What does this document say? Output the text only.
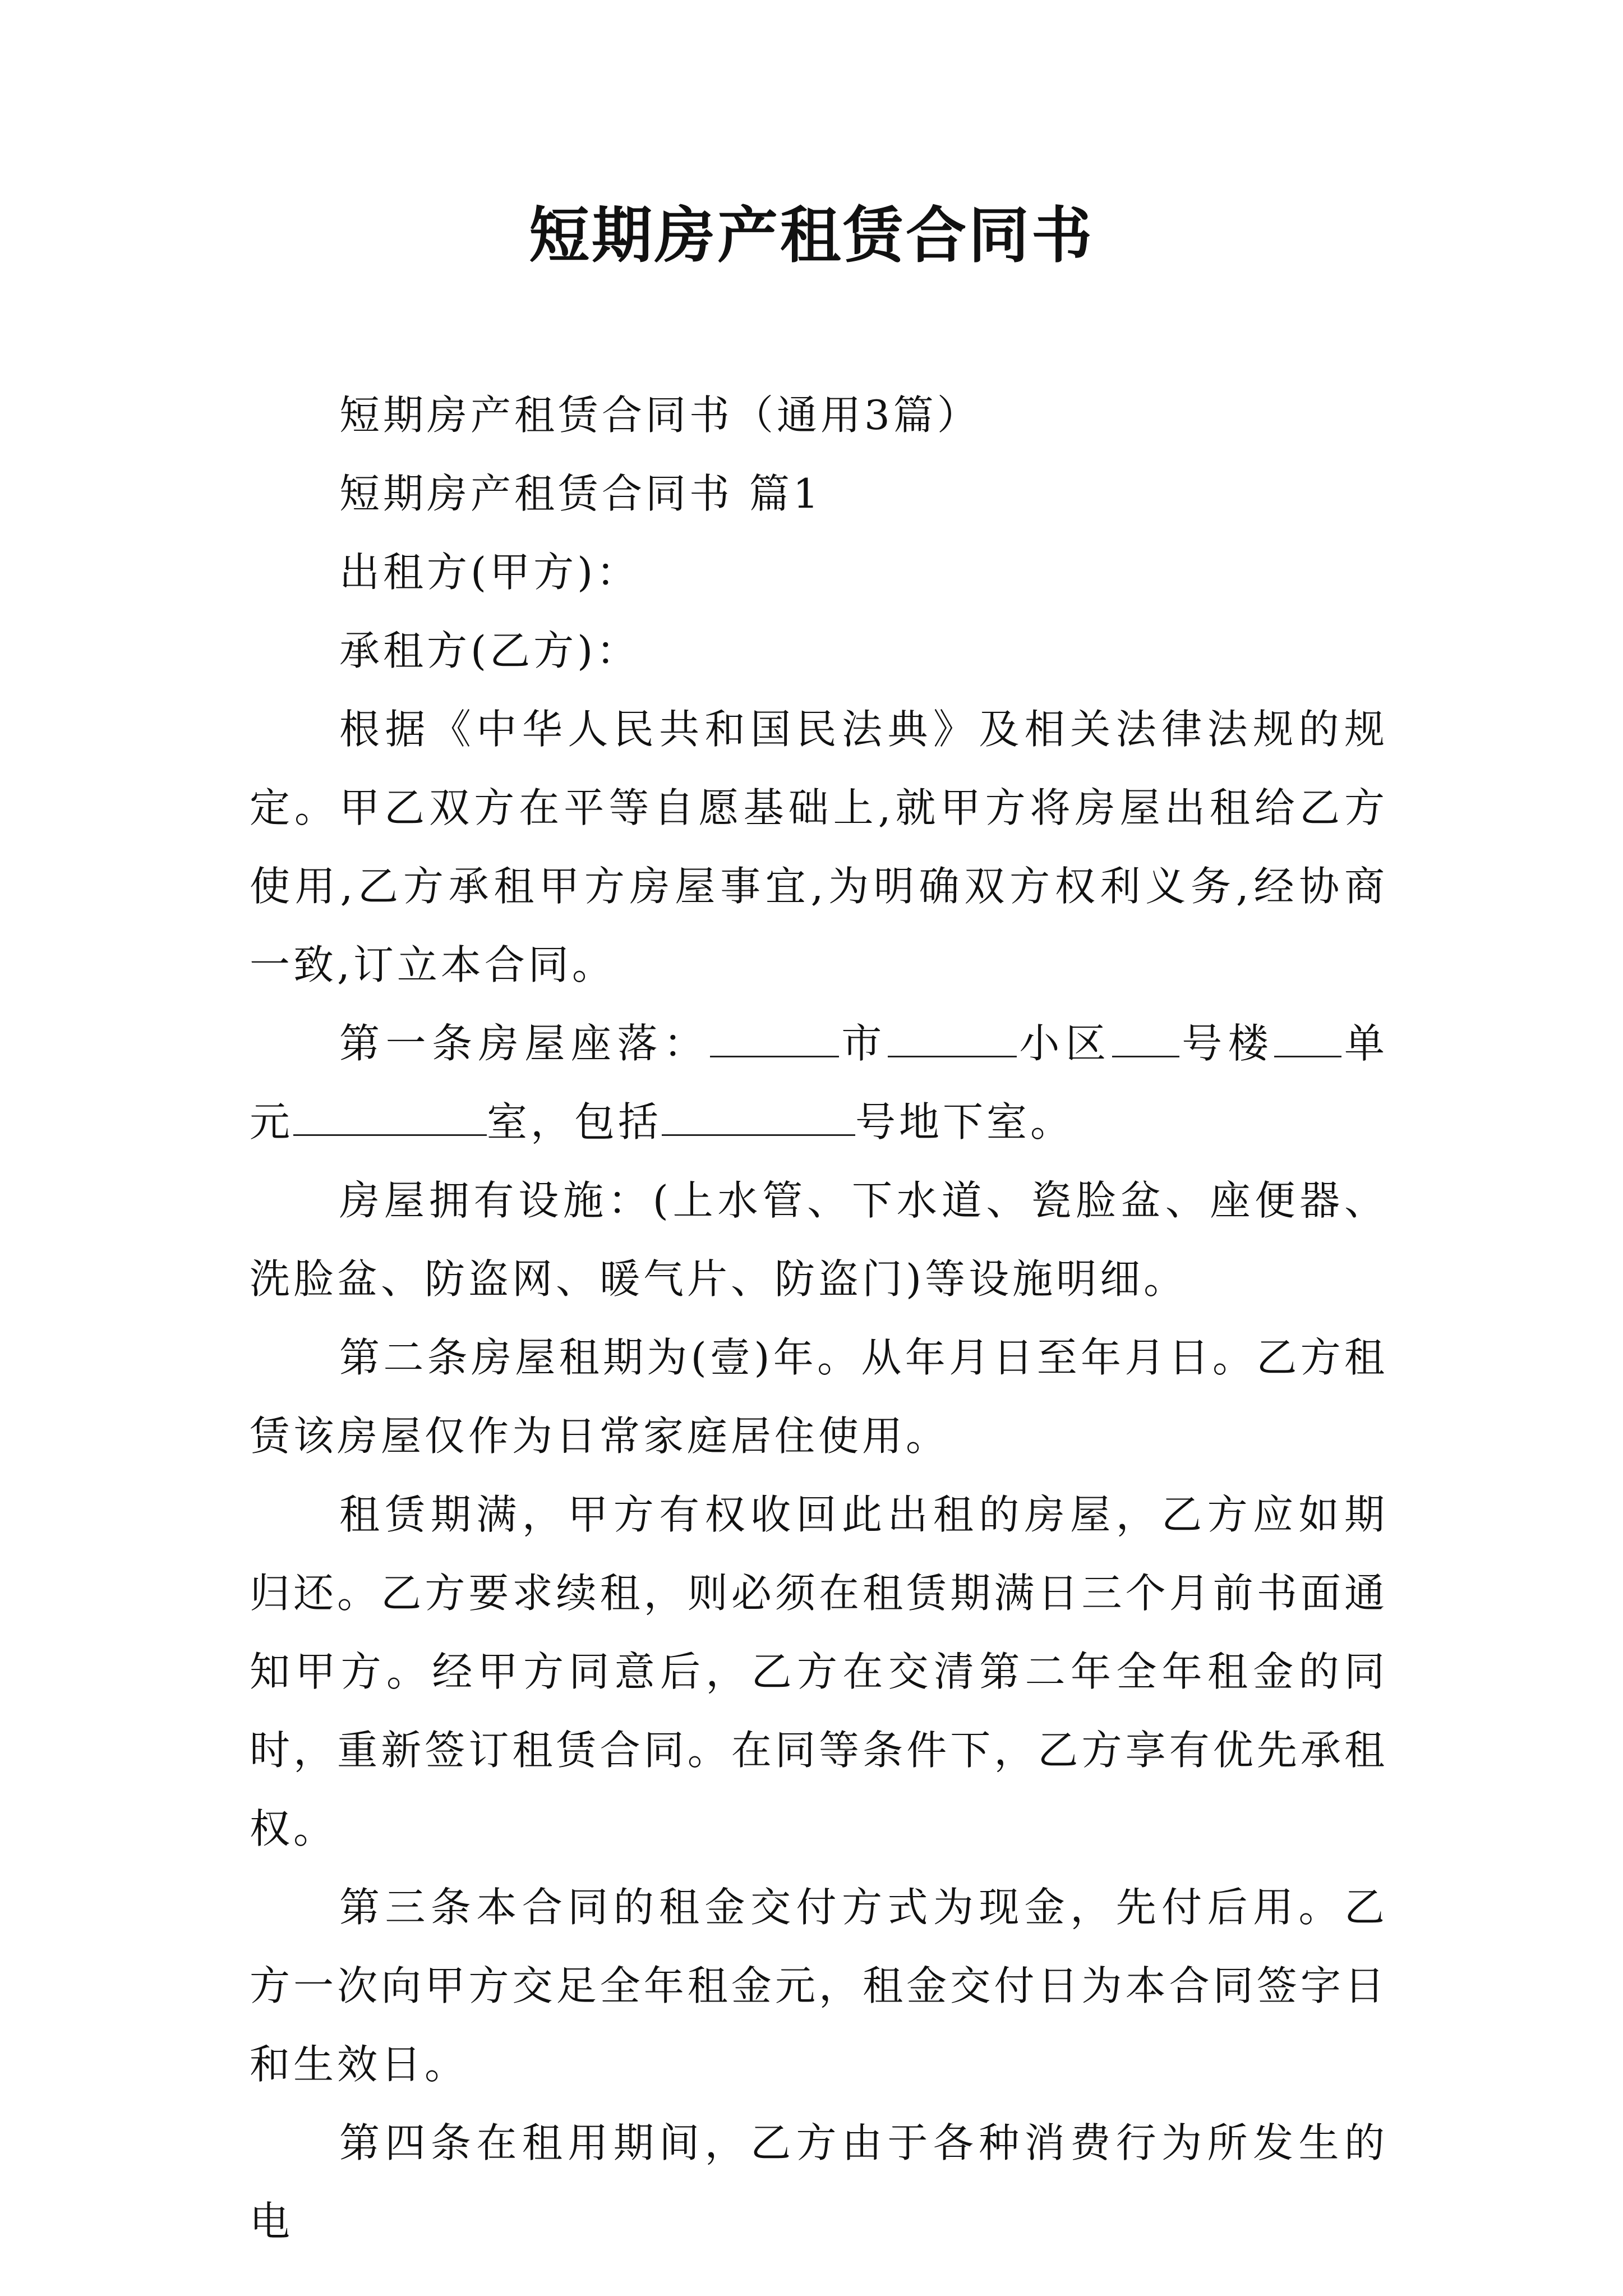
短期房产租赁合同书

短期房产租赁合同书（通用3篇）

短期房产租赁合同书 篇1

出租方(甲方)：

承租方(乙方)：

根据《中华人民共和国民法典》及相关法律法规的规定。甲乙双方在平等自愿基础上,就甲方将房屋出租给乙方使用,乙方承租甲方房屋事宜,为明确双方权利义务,经协商一致,订立本合同。

第一条房屋座落：	市	小区 号楼 单元	室，包括	号地下室。

房屋拥有设施：(上水管、下水道、瓷脸盆、座便器、洗脸盆、防盗网、暖气片、防盗门)等设施明细。

第二条房屋租期为(壹)年。从年月日至年月日。乙方租赁该房屋仅作为日常家庭居住使用。

租赁期满，甲方有权收回此出租的房屋，乙方应如期归还。乙方要求续租，则必须在租赁期满日三个月前书面通知甲方。经甲方同意后，乙方在交清第二年全年租金的同时，重新签订租赁合同。在同等条件下，乙方享有优先承租权。

第三条本合同的租金交付方式为现金，先付后用。乙方一次向甲方交足全年租金元，租金交付日为本合同签字日和生效日。

第四条在租用期间，乙方由于各种消费行为所发生的电
